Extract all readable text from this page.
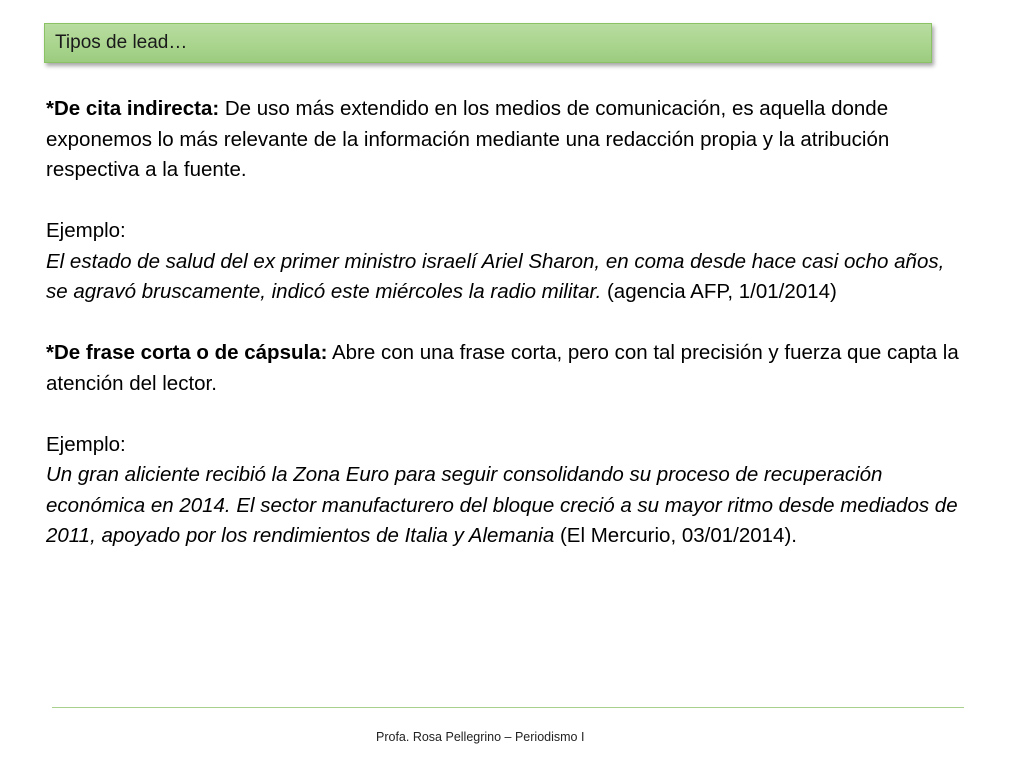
Tipos de lead…

*De cita indirecta: De uso más extendido en los medios de comunicación, es aquella donde exponemos lo más relevante de la información mediante una redacción propia y la atribución respectiva a la fuente.

Ejemplo:

El estado de salud del ex primer ministro israelí Ariel Sharon, en coma desde hace casi ocho años, se agravó bruscamente, indicó este miércoles la radio militar. (agencia AFP, 1/01/2014)

*De frase corta o de cápsula: Abre con una frase corta, pero con tal precisión y fuerza que capta la atención del lector.

Ejemplo:

Un gran aliciente recibió la Zona Euro para seguir consolidando su proceso de recuperación económica en 2014. El sector manufacturero del bloque creció a su mayor ritmo desde mediados de 2011, apoyado por los rendimientos de Italia y Alemania (El Mercurio, 03/01/2014).

Profa. Rosa Pellegrino – Periodismo I
